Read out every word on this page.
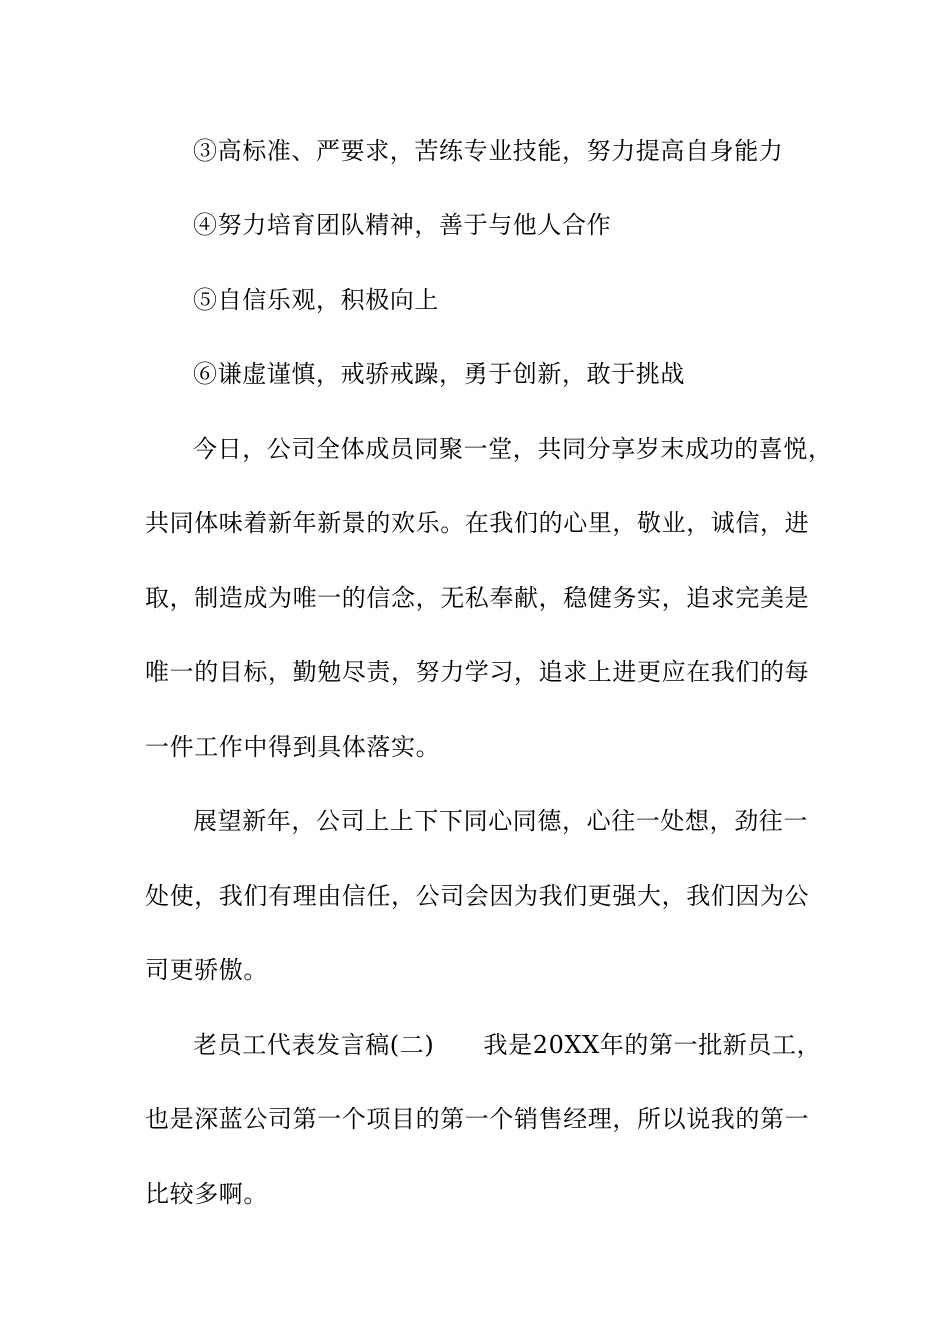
③高标准、严要求，苦练专业技能，努力提高自身能力
④努力培育团队精神，善于与他人合作
⑤自信乐观，积极向上
⑥谦虚谨慎，戒骄戒躁，勇于创新，敢于挑战
今日，公司全体成员同聚一堂，共同分享岁末成功的喜悦，
共同体味着新年新景的欢乐。在我们的心里，敬业，诚信，进
取，制造成为唯一的信念，无私奉献，稳健务实，追求完美是
唯一的目标，勤勉尽责，努力学习，追求上进更应在我们的每
一件工作中得到具体落实。
展望新年，公司上上下下同心同德，心往一处想，劲往一
处使，我们有理由信任，公司会因为我们更强大，我们因为公
司更骄傲。
老员工代表发言稿(二)　　我是20XX年的第一批新员工，
也是深蓝公司第一个项目的第一个销售经理，所以说我的第一
比较多啊。
